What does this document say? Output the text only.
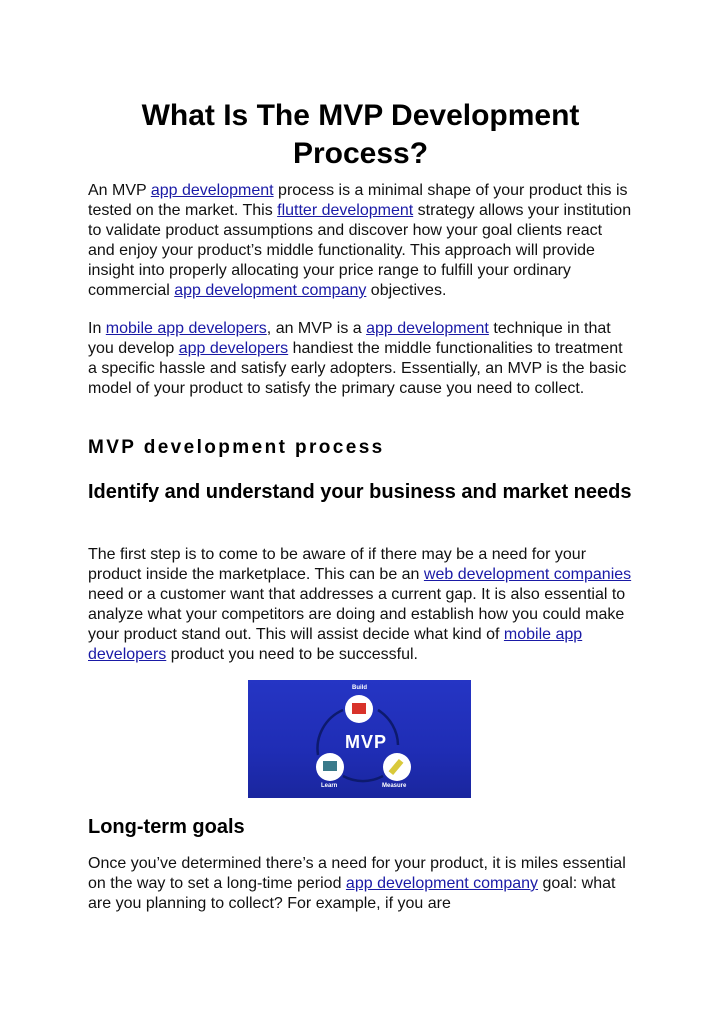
What Is The MVP Development Process?

An MVP app development process is a minimal shape of your product this is tested on the market. This flutter development strategy allows your institution to validate product assumptions and discover how your goal clients react and enjoy your product’s middle functionality. This approach will provide insight into properly allocating your price range to fulfill your ordinary commercial app development company objectives.

In mobile app developers, an MVP is a app development technique in that you develop app developers handiest the middle functionalities to treatment a specific hassle and satisfy early adopters. Essentially, an MVP is the basic model of your product to satisfy the primary cause you need to collect.

MVP development process
Identify and understand your business and market needs

The first step is to come to be aware of if there may be a need for your product inside the marketplace. This can be an web development companies need or a customer want that addresses a current gap. It is also essential to analyze what your competitors are doing and establish how you could make your product stand out. This will assist decide what kind of mobile app developers product you need to be successful.

Build
MVP
Measure
Learn
Long-term goals

Once you’ve determined there’s a need for your product, it is miles essential on the way to set a long-time period app development company goal: what are you planning to collect? For example, if you are
